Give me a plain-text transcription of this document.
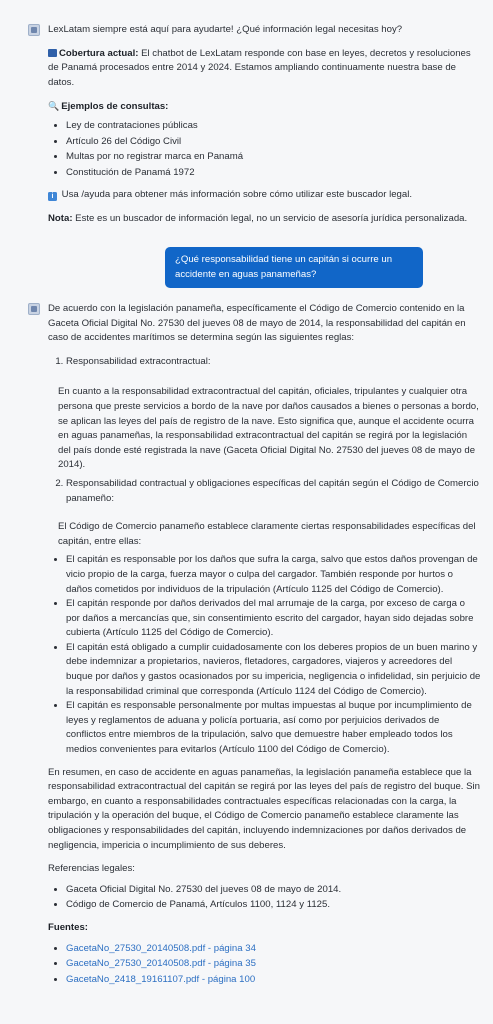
LexLatam siempre está aquí para ayudarte! ¿Qué información legal necesitas hoy?

Cobertura actual: El chatbot de LexLatam responde con base en leyes, decretos y resoluciones de Panamá procesados entre 2014 y 2024. Estamos ampliando continuamente nuestra base de datos.

🔍 Ejemplos de consultas:

• Ley de contrataciones públicas
• Artículo 26 del Código Civil
• Multas por no registrar marca en Panamá
• Constitución de Panamá 1972

i Usa /ayuda para obtener más información sobre cómo utilizar este buscador legal.

Nota: Este es un buscador de información legal, no un servicio de asesoría jurídica personalizada.

¿Qué responsabilidad tiene un capitán si ocurre un accidente en aguas panameñas?

De acuerdo con la legislación panameña, específicamente el Código de Comercio contenido en la Gaceta Oficial Digital No. 27530 del jueves 08 de mayo de 2014, la responsabilidad del capitán en caso de accidentes marítimos se determina según las siguientes reglas:

1. Responsabilidad extracontractual:

En cuanto a la responsabilidad extracontractual del capitán, oficiales, tripulantes y cualquier otra persona que preste servicios a bordo de la nave por daños causados a bienes o personas a bordo, se aplican las leyes del país de registro de la nave. Esto significa que, aunque el accidente ocurra en aguas panameñas, la responsabilidad extracontractual del capitán se regirá por la legislación del país donde esté registrada la nave (Gaceta Oficial Digital No. 27530 del jueves 08 de mayo de 2014).

2. Responsabilidad contractual y obligaciones específicas del capitán según el Código de Comercio panameño:

El Código de Comercio panameño establece claramente ciertas responsabilidades específicas del capitán, entre ellas:

• El capitán es responsable por los daños que sufra la carga, salvo que estos daños provengan de vicio propio de la carga, fuerza mayor o culpa del cargador. También responde por hurtos o daños cometidos por individuos de la tripulación (Artículo 1125 del Código de Comercio).
• El capitán responde por daños derivados del mal arrumaje de la carga, por exceso de carga o por daños a mercancías que, sin consentimiento escrito del cargador, hayan sido dejadas sobre cubierta (Artículo 1125 del Código de Comercio).
• El capitán está obligado a cumplir cuidadosamente con los deberes propios de un buen marino y debe indemnizar a propietarios, navieros, fletadores, cargadores, viajeros y acreedores del buque por daños y gastos ocasionados por su impericia, negligencia o infidelidad, sin perjuicio de la responsabilidad criminal que corresponda (Artículo 1124 del Código de Comercio).
• El capitán es responsable personalmente por multas impuestas al buque por incumplimiento de leyes y reglamentos de aduana y policía portuaria, así como por perjuicios derivados de conflictos entre miembros de la tripulación, salvo que demuestre haber empleado todos los medios convenientes para evitarlos (Artículo 1100 del Código de Comercio).

En resumen, en caso de accidente en aguas panameñas, la legislación panameña establece que la responsabilidad extracontractual del capitán se regirá por las leyes del país de registro del buque. Sin embargo, en cuanto a responsabilidades contractuales específicas relacionadas con la carga, la tripulación y la operación del buque, el Código de Comercio panameño establece claramente las obligaciones y responsabilidades del capitán, incluyendo indemnizaciones por daños derivados de negligencia, impericia o incumplimiento de sus deberes.

Referencias legales:

• Gaceta Oficial Digital No. 27530 del jueves 08 de mayo de 2014.
• Código de Comercio de Panamá, Artículos 1100, 1124 y 1125.

Fuentes:

• GacetaNo_27530_20140508.pdf - página 34
• GacetaNo_27530_20140508.pdf - página 35
• GacetaNo_2418_19161107.pdf - página 100
